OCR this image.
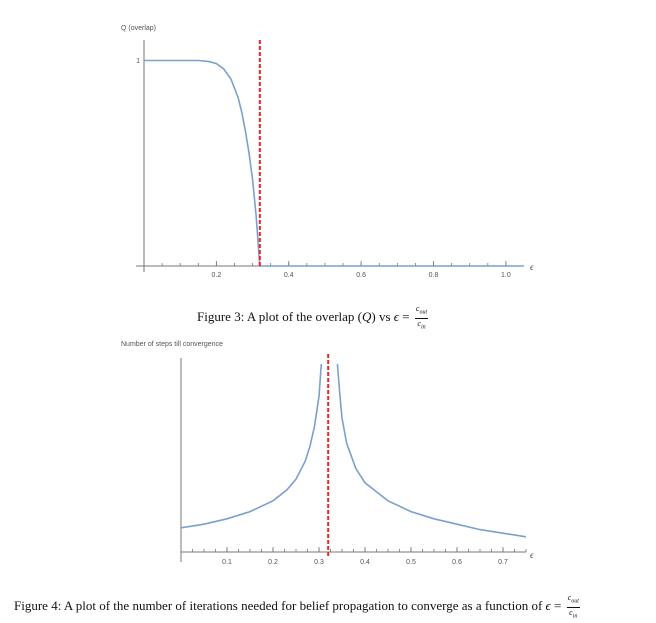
Q (overlap)
ϵ
0.2	0.4	0.6	0.8	1.0
1
Number of steps till convergence
ϵ
0.1	0.2	0.3	0.4	0.5	0.6	0.7
Figure 3: A plot of the overlap (Q) vs $\epsilon = \frac{c_{out}}{c_{in}}$
Figure 4: A plot of the number of iterations needed for belief propagation to converge as a function of $\epsilon = \frac{c_{out}}{c_{in}}$
